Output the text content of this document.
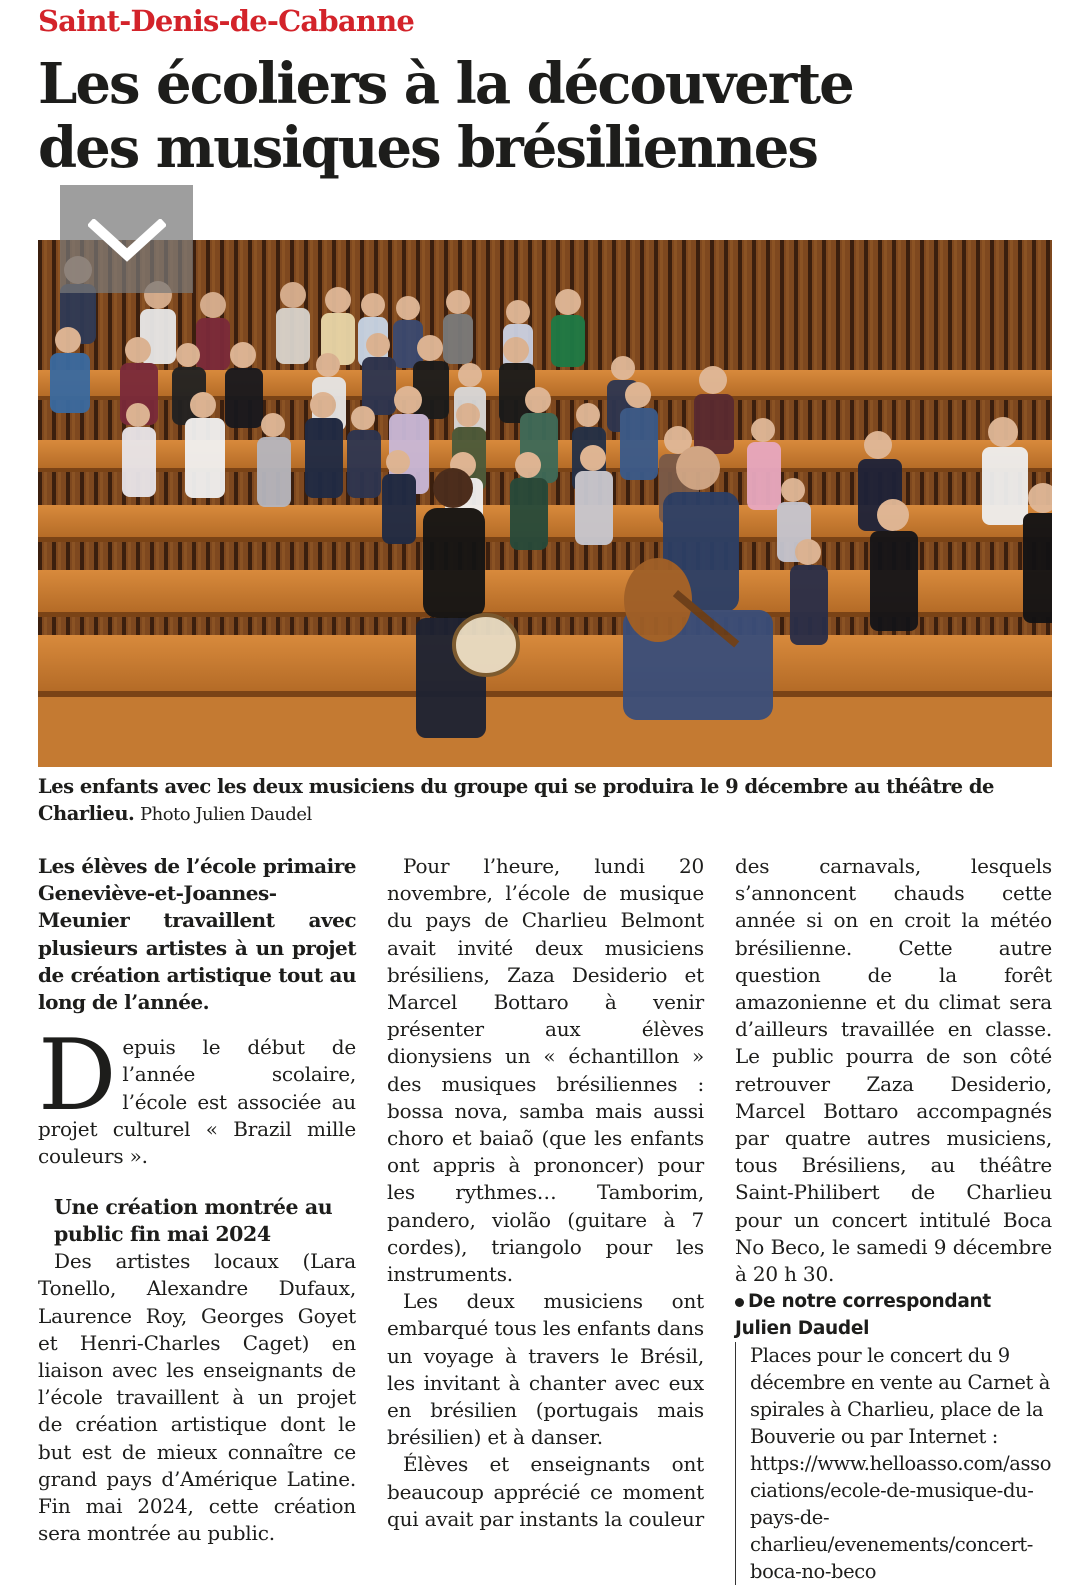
Saint-Denis-de-Cabanne
Les écoliers à la découverte
des musiques brésiliennes
Les enfants avec les deux musiciens du groupe qui se produira le 9 décembre au théâtre de Charlieu. Photo Julien Daudel

Les élèves de l’école primaire Geneviève-et-Joannes-Meunier travaillent avec plusieurs artistes à un projet de création artistique tout au long de l’année.

Depuis le début de l’année scolaire, l’école est associée au projet culturel « Brazil mille couleurs ».

Une création montrée au public fin mai 2024

Des artistes locaux (Lara Tonello, Alexandre Dufaux, Laurence Roy, Georges Goyet et Henri-Charles Caget) en liaison avec les enseignants de l’école travaillent à un projet de création artistique dont le but est de mieux connaître ce grand pays d’Amérique Latine. Fin mai 2024, cette création sera montrée au public.

Pour l’heure, lundi 20 novembre, l’école de musique du pays de Charlieu Belmont avait invité deux musiciens brésiliens, Zaza Desiderio et Marcel Bottaro à venir présenter aux élèves dionysiens un « échantillon » des musiques brésiliennes : bossa nova, samba mais aussi choro et baiaõ (que les enfants ont appris à prononcer) pour les rythmes… Tamborim, pandero, violão (guitare à 7 cordes), triangolo pour les instruments.

Les deux musiciens ont embarqué tous les enfants dans un voyage à travers le Brésil, les invitant à chanter avec eux en brésilien (portugais mais brésilien) et à danser.

Élèves et enseignants ont beaucoup apprécié ce moment qui avait par instants la couleur

des carnavals, lesquels s’annoncent chauds cette année si on en croit la météo brésilienne. Cette autre question de la forêt amazonienne et du climat sera d’ailleurs travaillée en classe. Le public pourra de son côté retrouver Zaza Desiderio, Marcel Bottaro accompagnés par quatre autres musiciens, tous Brésiliens, au théâtre Saint-Philibert de Charlieu pour un concert intitulé Boca No Beco, le samedi 9 décembre à 20 h 30.

De notre correspondant
Julien Daudel

Places pour le concert du 9 décembre en vente au Carnet à spirales à Charlieu, place de la Bouverie ou par Internet : https://www.helloasso.com/associations/ecole-de-musique-du-pays-de-charlieu/evenements/concert-boca-no-beco
